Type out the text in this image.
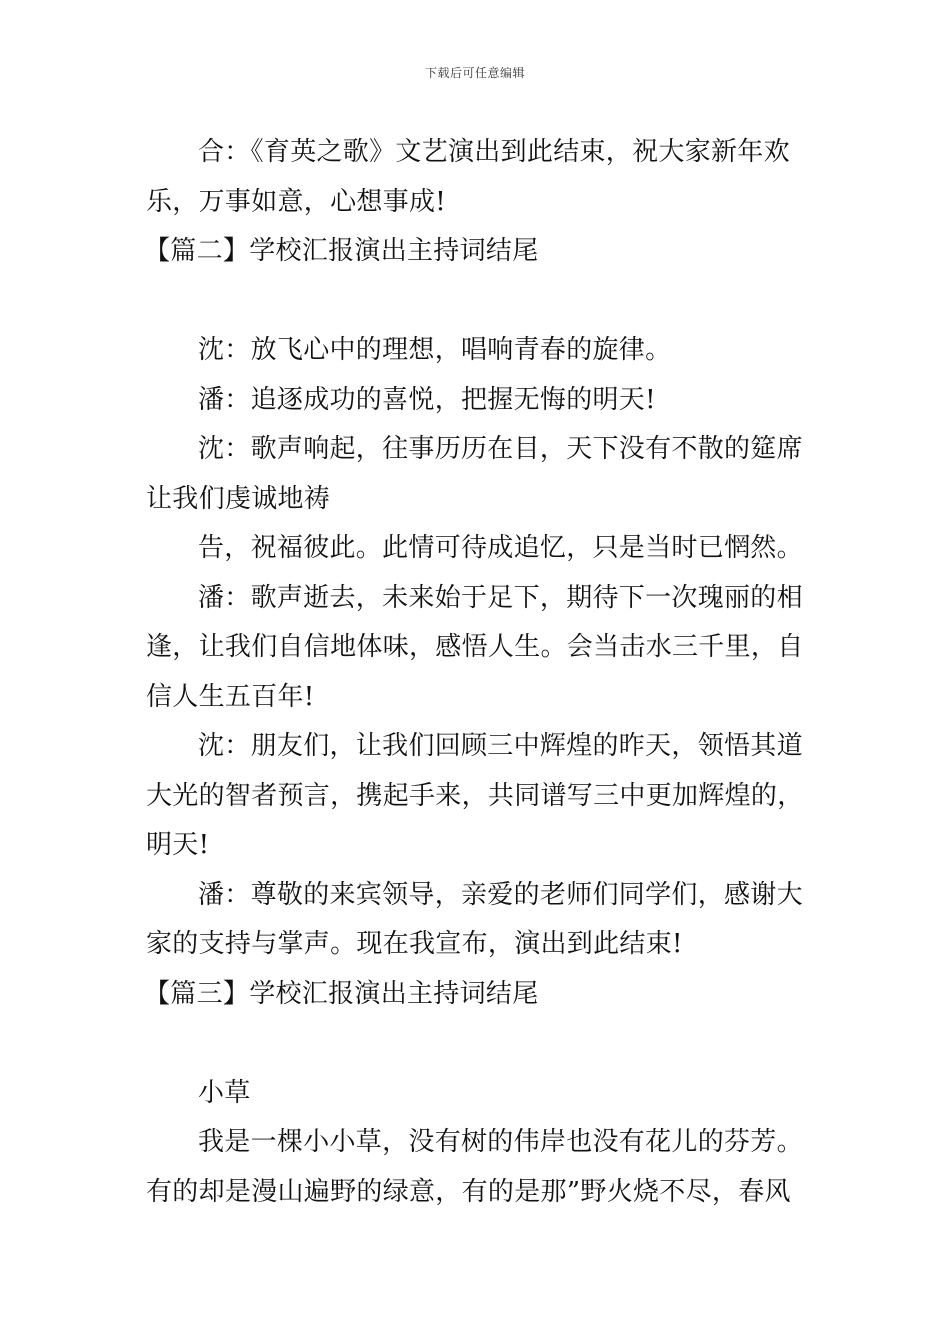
下载后可任意编辑
合：《育英之歌》文艺演出到此结束，祝大家新年欢
乐，万事如意，心想事成!
【篇二】学校汇报演出主持词结尾
沈：放飞心中的理想，唱响青春的旋律。
潘：追逐成功的喜悦，把握无悔的明天!
沈：歌声响起，往事历历在目，天下没有不散的筵席
让我们虔诚地祷
告，祝福彼此。此情可待成追忆，只是当时已惘然。
潘：歌声逝去，未来始于足下，期待下一次瑰丽的相
逢，让我们自信地体味，感悟人生。会当击水三千里，自
信人生五百年!
沈：朋友们，让我们回顾三中辉煌的昨天，领悟其道
大光的智者预言，携起手来，共同谱写三中更加辉煌的，
明天!
潘：尊敬的来宾领导，亲爱的老师们同学们，感谢大
家的支持与掌声。现在我宣布，演出到此结束!
【篇三】学校汇报演出主持词结尾
小草
我是一棵小小草，没有树的伟岸也没有花儿的芬芳。
有的却是漫山遍野的绿意，有的是那”野火烧不尽，春风
